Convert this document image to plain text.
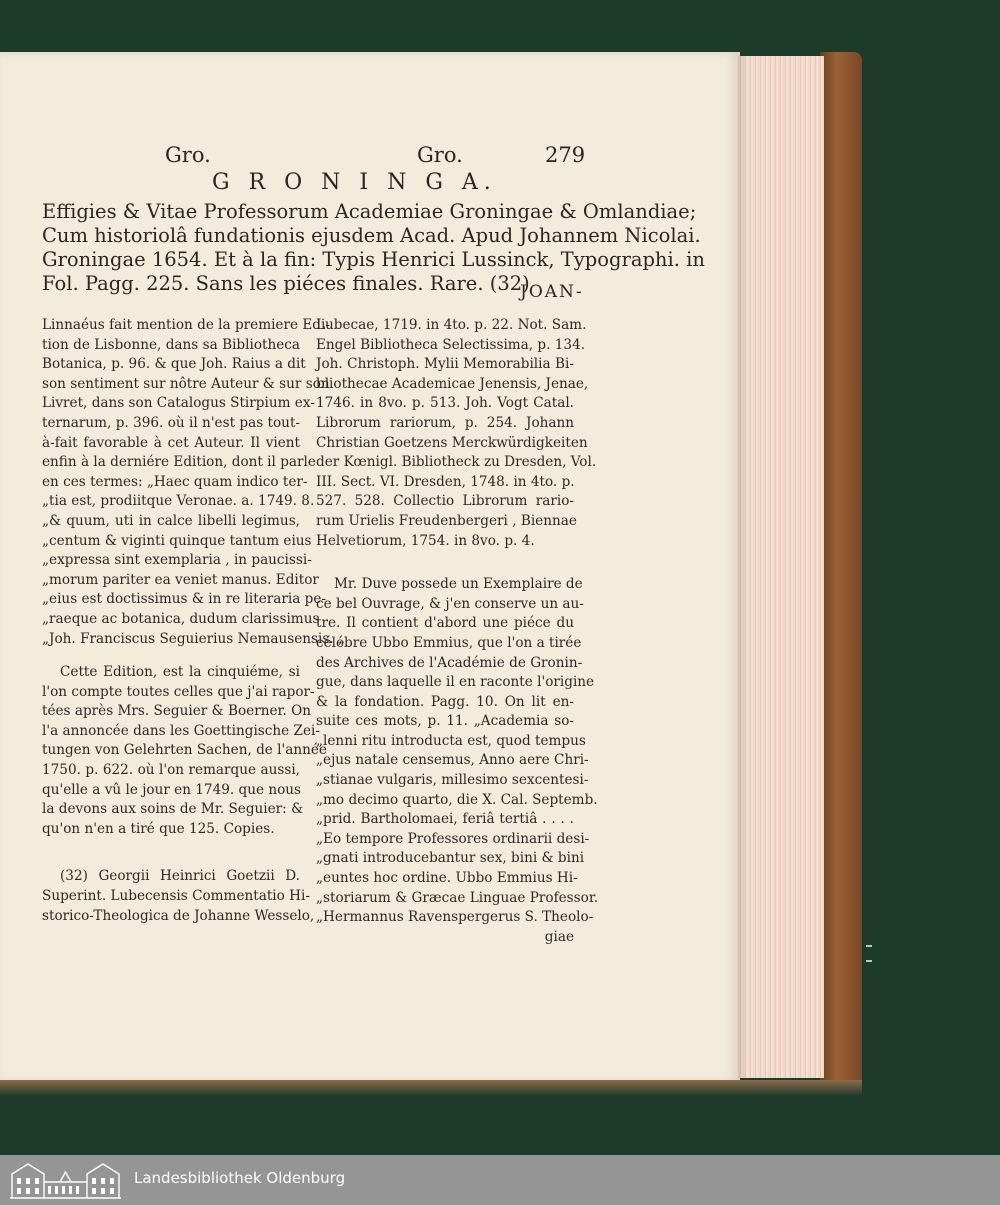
Gro.	Gro.	279
G R O N I N G A.
Effigies & Vitae Professorum Academiae Groningae & Omlandiae;
Cum historiolâ fundationis ejusdem Acad. Apud Johannem Nicolai.
Groningae 1654. Et à la fin: Typis Henrici Lussinck, Typographi. in
Fol. Pagg. 225. Sans les piéces finales. Rare. (32)
JOAN-
Linnaéus fait mention de la premiere Edi-
tion de Lisbonne, dans sa Bibliotheca
Botanica, p. 96. & que Joh. Raius a dit
son sentiment sur nôtre Auteur & sur son
Livret, dans son Catalogus Stirpium ex-
ternarum, p. 396. où il n'est pas tout-
à-fait favorable à cet Auteur. Il vient
enfin à la derniére Edition, dont il parle
en ces termes: „Haec quam indico ter-
„tia est, prodiitque Veronae. a. 1749. 8.
„& quum, uti in calce libelli legimus,
„centum & viginti quinque tantum eius
„expressa sint exemplaria , in paucissi-
„morum pariter ea veniet manus. Editor
„eius est doctissimus & in re literaria pe-
„raeque ac botanica, dudum clarissimus
„Joh. Franciscus Seguierius Nemausensis. „
Cette Edition, est la cinquiéme, si
l'on compte toutes celles que j'ai rapor-
tées après Mrs. Seguier & Boerner. On
l'a annoncée dans les Goettingische Zei-
tungen von Gelehrten Sachen, de l'année
1750. p. 622. où l'on remarque aussi,
qu'elle a vû le jour en 1749. que nous
la devons aux soins de Mr. Seguier: &
qu'on n'en a tiré que 125. Copies.
(32) Georgii Heinrici Goetzii D.
Superint. Lubecensis Commentatio Hi-
storico-Theologica de Johanne Wesselo,
Lubecae, 1719. in 4to. p. 22. Not. Sam.
Engel Bibliotheca Selectissima, p. 134.
Joh. Christoph. Mylii Memorabilia Bi-
bliothecae Academicae Jenensis, Jenae,
1746. in 8vo. p. 513. Joh. Vogt Catal.
Librorum rariorum, p. 254. Johann
Christian Goetzens Merckwürdigkeiten
der Kœnigl. Bibliotheck zu Dresden, Vol.
III. Sect. VI. Dresden, 1748. in 4to. p.
527. 528. Collectio Librorum rario-
rum Urielis Freudenbergeri , Biennae
Helvetiorum, 1754. in 8vo. p. 4.
Mr. Duve possede un Exemplaire de
ce bel Ouvrage, & j'en conserve un au-
tre. Il contient d'abord une piéce du
célébre Ubbo Emmius, que l'on a tirée
des Archives de l'Académie de Gronin-
gue, dans laquelle il en raconte l'origine
& la fondation. Pagg. 10. On lit en-
suite ces mots, p. 11. „Academia so-
„lenni ritu introducta est, quod tempus
„ejus natale censemus, Anno aere Chri-
„stianae vulgaris, millesimo sexcentesi-
„mo decimo quarto, die X. Cal. Septemb.
„prid. Bartholomaei, feriâ tertiâ . . . .
„Eo tempore Professores ordinarii desi-
„gnati introducebantur sex, bini & bini
„euntes hoc ordine. Ubbo Emmius Hi-
„storiarum & Græcae Linguae Professor.
„Hermannus Ravenspergerus S. Theolo-
giae
Landesbibliothek Oldenburg
